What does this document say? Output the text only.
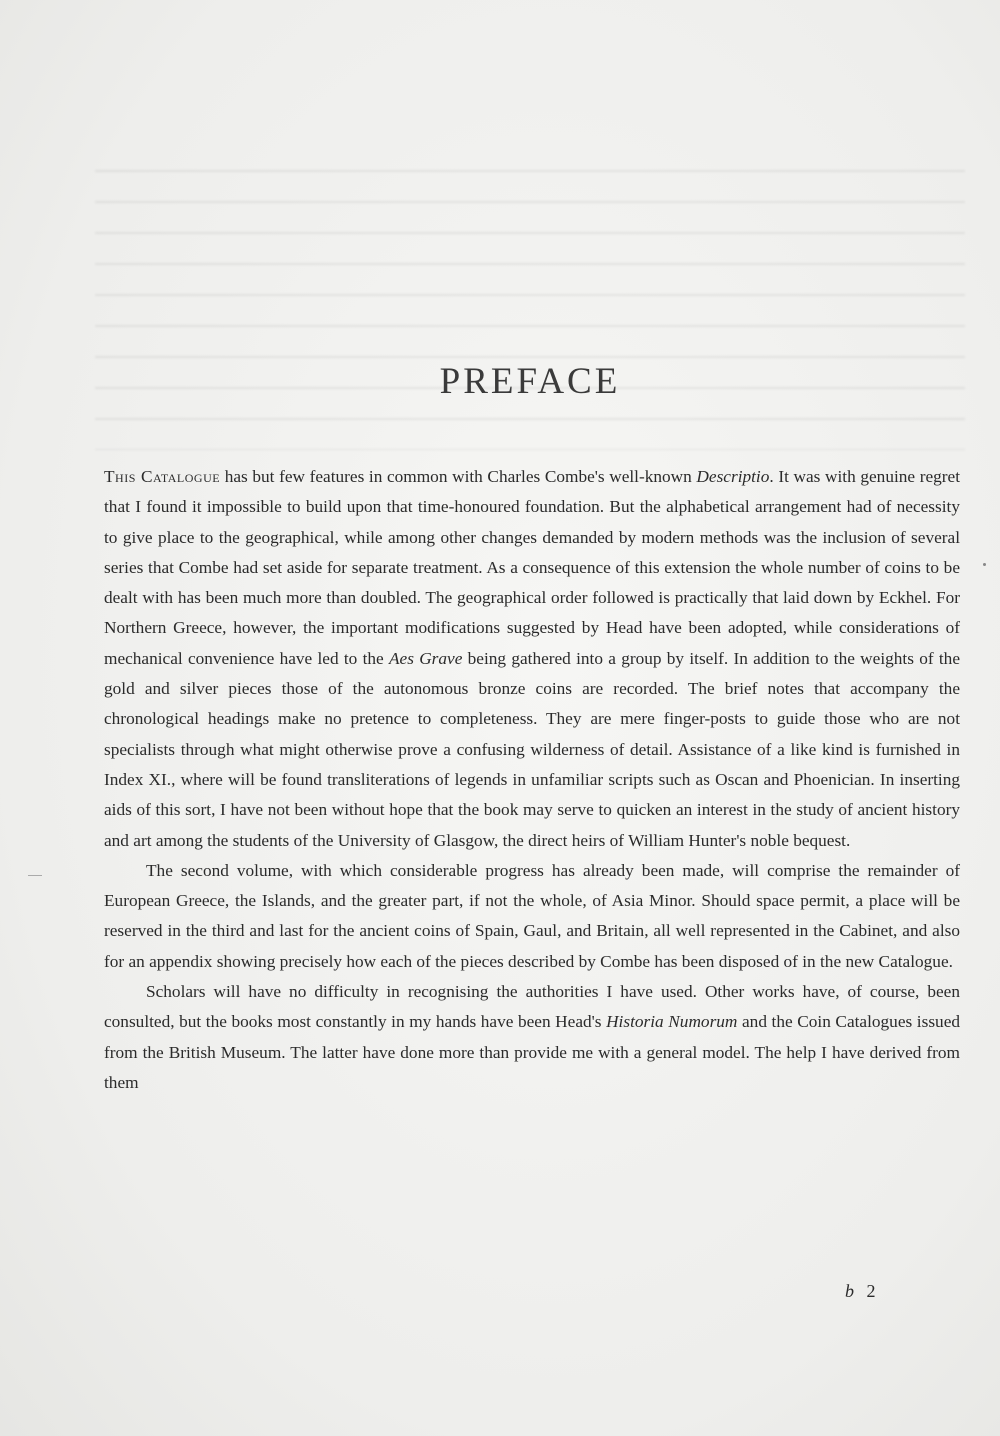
PREFACE

This Catalogue has but few features in common with Charles Combe's well-known Descriptio. It was with genuine regret that I found it impossible to build upon that time-honoured foundation. But the alphabetical arrangement had of necessity to give place to the geographical, while among other changes demanded by modern methods was the inclusion of several series that Combe had set aside for separate treatment. As a consequence of this extension the whole number of coins to be dealt with has been much more than doubled. The geographical order followed is practically that laid down by Eckhel. For Northern Greece, however, the important modifications suggested by Head have been adopted, while considerations of mechanical convenience have led to the Aes Grave being gathered into a group by itself. In addition to the weights of the gold and silver pieces those of the autonomous bronze coins are recorded. The brief notes that accompany the chronological headings make no pretence to completeness. They are mere finger-posts to guide those who are not specialists through what might otherwise prove a confusing wilderness of detail. Assistance of a like kind is furnished in Index XI., where will be found transliterations of legends in unfamiliar scripts such as Oscan and Phoenician. In inserting aids of this sort, I have not been without hope that the book may serve to quicken an interest in the study of ancient history and art among the students of the University of Glasgow, the direct heirs of William Hunter's noble bequest.

The second volume, with which considerable progress has already been made, will comprise the remainder of European Greece, the Islands, and the greater part, if not the whole, of Asia Minor. Should space permit, a place will be reserved in the third and last for the ancient coins of Spain, Gaul, and Britain, all well represented in the Cabinet, and also for an appendix showing precisely how each of the pieces described by Combe has been disposed of in the new Catalogue.

Scholars will have no difficulty in recognising the authorities I have used. Other works have, of course, been consulted, but the books most constantly in my hands have been Head's Historia Numorum and the Coin Catalogues issued from the British Museum. The latter have done more than provide me with a general model. The help I have derived from them

b 2
